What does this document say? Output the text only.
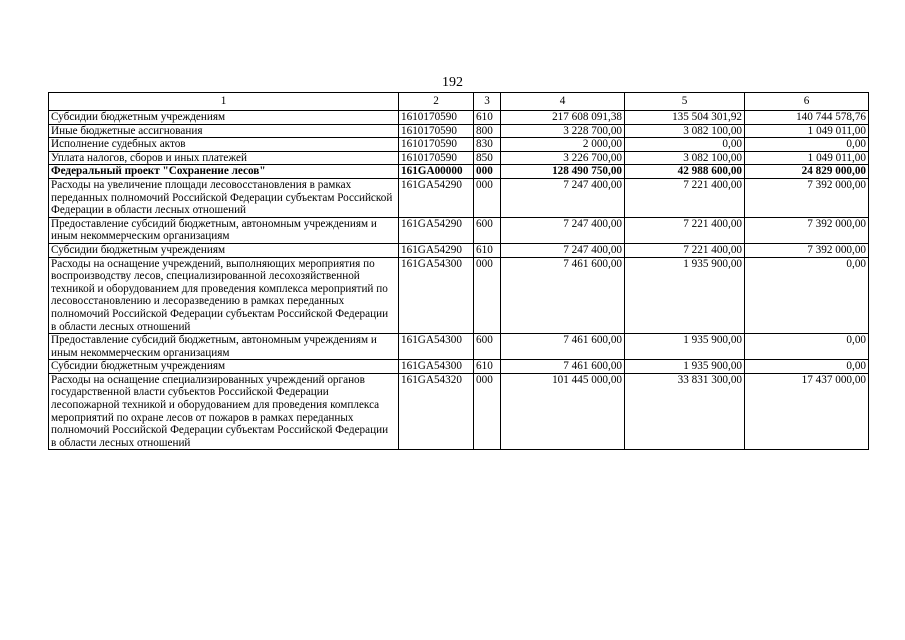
192
1	2	3	4	5	6
Субсидии бюджетным учреждениям	1610170590	610	217 608 091,38	135 504 301,92	140 744 578,76
Иные бюджетные ассигнования	1610170590	800	3 228 700,00	3 082 100,00	1 049 011,00
Исполнение судебных актов	1610170590	830	2 000,00	0,00	0,00
Уплата налогов, сборов и иных платежей	1610170590	850	3 226 700,00	3 082 100,00	1 049 011,00
Федеральный проект "Сохранение лесов"	161GA00000	000	128 490 750,00	42 988 600,00	24 829 000,00
Расходы на увеличение площади лесовосстановления в рамках переданных полномочий Российской Федерации субъектам Российской Федерации в области лесных отношений	161GA54290	000	7 247 400,00	7 221 400,00	7 392 000,00
Предоставление субсидий бюджетным, автономным учреждениям и иным некоммерческим организациям	161GA54290	600	7 247 400,00	7 221 400,00	7 392 000,00
Субсидии бюджетным учреждениям	161GA54290	610	7 247 400,00	7 221 400,00	7 392 000,00
Расходы на оснащение учреждений, выполняющих мероприятия по воспроизводству лесов, специализированной лесохозяйственной техникой и оборудованием для проведения комплекса мероприятий по лесовосстановлению и лесоразведению в рамках переданных полномочий Российской Федерации субъектам Российской Федерации в области лесных отношений	161GA54300	000	7 461 600,00	1 935 900,00	0,00
Предоставление субсидий бюджетным, автономным учреждениям и иным некоммерческим организациям	161GA54300	600	7 461 600,00	1 935 900,00	0,00
Субсидии бюджетным учреждениям	161GA54300	610	7 461 600,00	1 935 900,00	0,00
Расходы на оснащение специализированных учреждений органов государственной власти субъектов Российской Федерации лесопожарной техникой и оборудованием для проведения комплекса мероприятий по охране лесов от пожаров в рамках переданных полномочий Российской Федерации субъектам Российской Федерации в области лесных отношений	161GA54320	000	101 445 000,00	33 831 300,00	17 437 000,00
